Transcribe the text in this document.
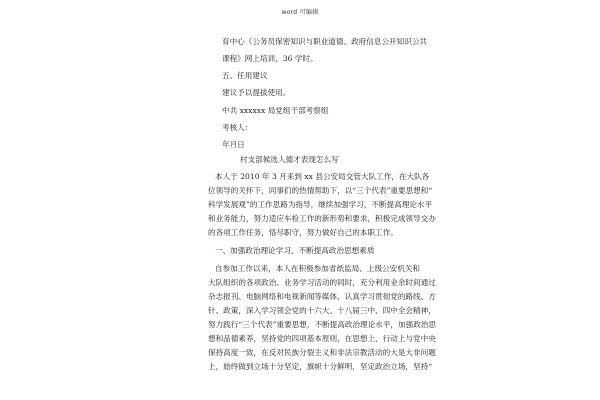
word 可编辑
育中心《公务员保密知识与职业道德、政府信息公开知识公共
课程》网上培训，36 学时。
五、任用建议
建议予以提拔使用。
中共 xxxxxx 局党组干部考察组
考核人：
年月日
村支部候选人德才表现怎么写
本人于 2010 年 3 月来到 xx 县公安局交管大队工作，在大队各
位领导的关怀下，同事们的热情帮助下，以“三个代表”重要思想和“
科学发展观”的工作思路为指导，继续加强学习，不断提高理论水平
和业务能力，努力适应车检工作的新形势和要求，积极完成领导交办
的各项工作任务，恪尽职守，努力做好自己的本职工作。
一、加强政治理论学习，不断提高政治思想素质
自参加工作以来，本人在积极参加省纸监局、上级公安机关和
大队组织的各项政治、业务学习活动的同时，充分利用业余时间通过
杂志报刊、电脑网络和电视新闻等媒体，认真学习贯彻党的路线、方
针、政策，深入学习领会党的十六大、十八届三中、四中全会精神，
努力践行“三个代表”重要思想，不断提高政治理论水平，加强政治思
想和品德素养，坚持党的四项基本原则，在思想上、行动上与党中央
保持高度一致，在反对民族分裂主义和非法宗教活动的大是大非问题
上，始终做到立场十分坚定，旗帜十分鲜明，坚定政治立场，坚持“
